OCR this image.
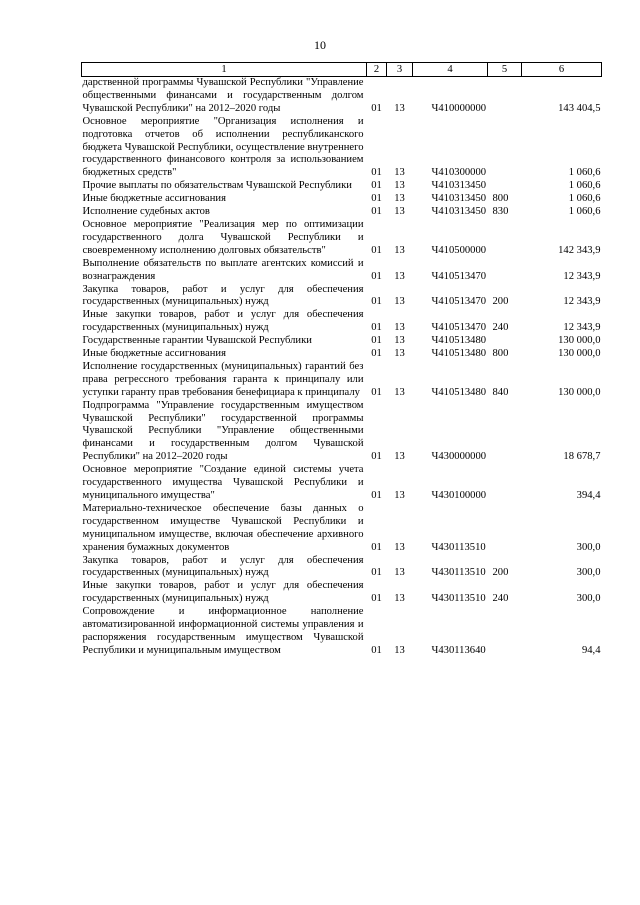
10
1	2	3	4	5	6
дарственной программы Чувашской Республики "Управление общественными финансами и государственным долгом Чувашской Республики" на 2012–2020 годы	01	13	Ч410000000		143 404,5
Основное мероприятие "Организация исполнения и подготовка отчетов об исполнении республиканского бюджета Чувашской Республики, осуществление внутреннего государственного финансового контроля за использованием бюджетных средств"	01	13	Ч410300000		1 060,6
Прочие выплаты по обязательствам Чувашской Республики	01	13	Ч410313450		1 060,6
Иные бюджетные ассигнования	01	13	Ч410313450	800	1 060,6
Исполнение судебных актов	01	13	Ч410313450	830	1 060,6
Основное мероприятие "Реализация мер по оптимизации государственного долга Чувашской Республики и своевременному исполнению долговых обязательств"	01	13	Ч410500000		142 343,9
Выполнение обязательств по выплате агентских комиссий и вознаграждения	01	13	Ч410513470		12 343,9
Закупка товаров, работ и услуг для обеспечения государственных (муниципальных) нужд	01	13	Ч410513470	200	12 343,9
Иные закупки товаров, работ и услуг для обеспечения государственных (муниципальных) нужд	01	13	Ч410513470	240	12 343,9
Государственные гарантии Чувашской Республики	01	13	Ч410513480		130 000,0
Иные бюджетные ассигнования	01	13	Ч410513480	800	130 000,0
Исполнение государственных (муниципальных) гарантий без права регрессного требования гаранта к принципалу или уступки гаранту прав требования бенефициара к принципалу	01	13	Ч410513480	840	130 000,0
Подпрограмма "Управление государственным имуществом Чувашской Республики" государственной программы Чувашской Республики "Управление общественными финансами и государственным долгом Чувашской Республики" на 2012–2020 годы	01	13	Ч430000000		18 678,7
Основное мероприятие "Создание единой системы учета государственного имущества Чувашской Республики и муниципального имущества"	01	13	Ч430100000		394,4
Материально-техническое обеспечение базы данных о государственном имуществе Чувашской Республики и муниципальном имуществе, включая обеспечение архивного хранения бумажных документов	01	13	Ч430113510		300,0
Закупка товаров, работ и услуг для обеспечения государственных (муниципальных) нужд	01	13	Ч430113510	200	300,0
Иные закупки товаров, работ и услуг для обеспечения государственных (муниципальных) нужд	01	13	Ч430113510	240	300,0
Сопровождение и информационное наполнение автоматизированной информационной системы управления и распоряжения государственным имуществом Чувашской Республики и муниципальным имуществом	01	13	Ч430113640		94,4
